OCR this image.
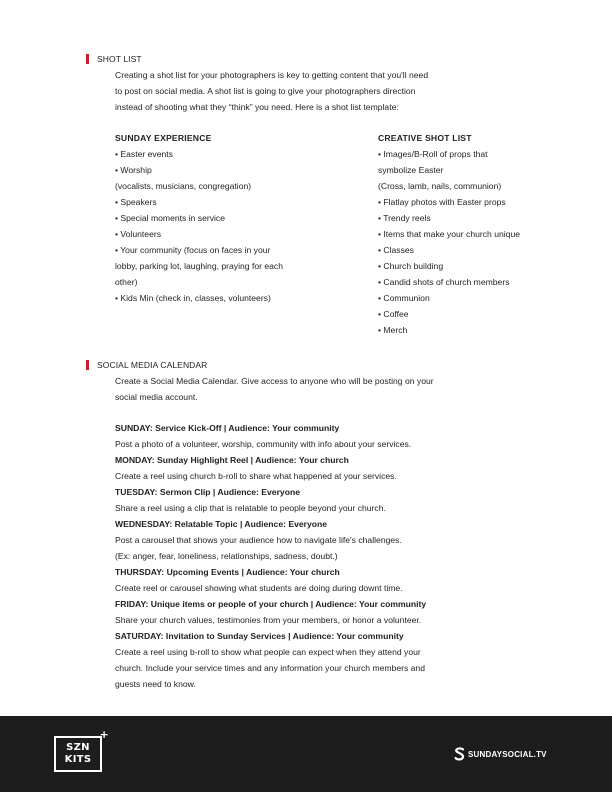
SHOT LIST
Creating a shot list for your photographers is key to getting content that you'll need
to post on social media. A shot list is going to give your photographers direction
instead of shooting what they “think” you need. Here is a shot list template:
SUNDAY EXPERIENCE
• Easter events
• Worship
(vocalists, musicians, congregation)
• Speakers
• Special moments in service
• Volunteers
• Your community (focus on faces in your
lobby, parking lot, laughing, praying for each
other)
• Kids Min (check in, classes, volunteers)
CREATIVE SHOT LIST
• Images/B-Roll of props that
symbolize Easter
(Cross, lamb, nails, communion)
• Flatlay photos with Easter props
• Trendy reels
• Items that make your church unique
• Classes
• Church building
• Candid shots of church members
• Communion
• Coffee
• Merch
SOCIAL MEDIA CALENDAR
Create a Social Media Calendar. Give access to anyone who will be posting on your
social media account.
SUNDAY: Service Kick-Off | Audience: Your community
Post a photo of a volunteer, worship, community with info about your services.
MONDAY: Sunday Highlight Reel | Audience: Your church
Create a reel using church b-roll to share what happened at your services.
TUESDAY: Sermon Clip | Audience: Everyone
Share a reel using a clip that is relatable to people beyond your church.
WEDNESDAY: Relatable Topic | Audience: Everyone
Post a carousel that shows your audience how to navigate life's challenges.
(Ex: anger, fear, loneliness, relationships, sadness, doubt.)
THURSDAY: Upcoming Events | Audience: Your church
Create reel or carousel showing what students are doing during downt time.
FRIDAY: Unique items or people of your church | Audience: Your community
Share your church values, testimonies from your members, or honor a volunteer.
SATURDAY: Invitation to Sunday Services | Audience: Your community
Create a reel using b-roll to show what people can expect when they attend your
church. Include your service times and any information your church members and
guests need to know.
+
SZN
KITS	SUNDAYSOCIAL.TV
